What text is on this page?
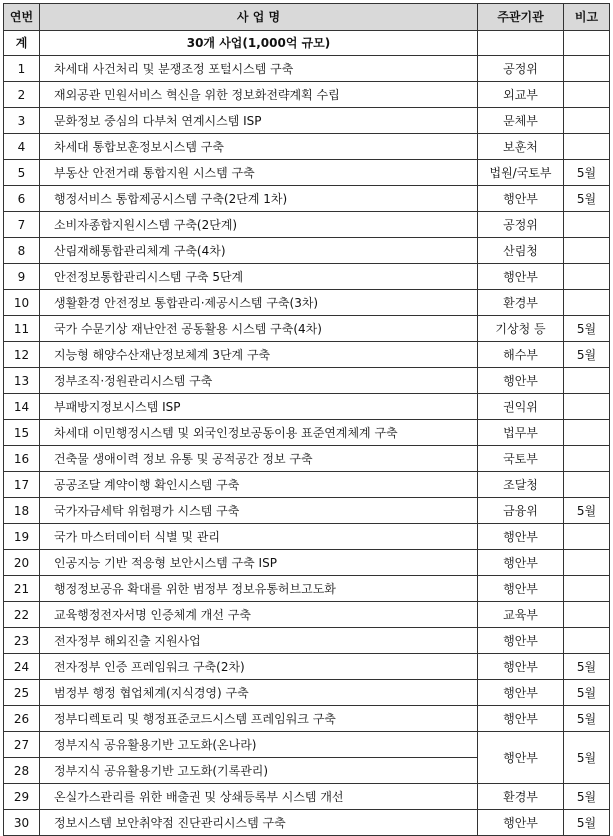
연번	사 업 명	주관기관	비고
계	30개 사업(1,000억 규모)		
1	차세대 사건처리 및 분쟁조정 포털시스템 구축	공정위	
2	재외공관 민원서비스 혁신을 위한 정보화전략계획 수립	외교부	
3	문화정보 중심의 다부처 연계시스템 ISP	문체부	
4	차세대 통합보훈정보시스템 구축	보훈처	
5	부동산 안전거래 통합지원 시스템 구축	법원/국토부	5월
6	행정서비스 통합제공시스템 구축(2단계 1차)	행안부	5월
7	소비자종합지원시스템 구축(2단계)	공정위	
8	산림재해통합관리체계 구축(4차)	산림청	
9	안전정보통합관리시스템 구축 5단계	행안부	
10	생활환경 안전정보 통합관리·제공시스템 구축(3차)	환경부	
11	국가 수문기상 재난안전 공동활용 시스템 구축(4차)	기상청 등	5월
12	지능형 해양수산재난정보체계 3단계 구축	해수부	5월
13	정부조직·정원관리시스템 구축	행안부	
14	부패방지정보시스템 ISP	권익위	
15	차세대 이민행정시스템 및 외국인정보공동이용 표준연계체계 구축	법무부	
16	건축물 생애이력 정보 유통 및 공적공간 정보 구축	국토부	
17	공공조달 계약이행 확인시스템 구축	조달청	
18	국가자금세탁 위험평가 시스템 구축	금융위	5월
19	국가 마스터데이터 식별 및 관리	행안부	
20	인공지능 기반 적응형 보안시스템 구축 ISP	행안부	
21	행정정보공유 확대를 위한 범정부 정보유통허브고도화	행안부	
22	교육행정전자서명 인증체계 개선 구축	교육부	
23	전자정부 해외진출 지원사업	행안부	
24	전자정부 인증 프레임워크 구축(2차)	행안부	5월
25	범정부 행정 협업체계(지식경영) 구축	행안부	5월
26	정부디렉토리 및 행정표준코드시스템 프레임워크 구축	행안부	5월
27	정부지식 공유활용기반 고도화(온나라)	행안부	5월
28	정부지식 공유활용기반 고도화(기록관리)		
29	온실가스관리를 위한 배출권 및 상쇄등록부 시스템 개선	환경부	5월
30	정보시스템 보안취약점 진단관리시스템 구축	행안부	5월
